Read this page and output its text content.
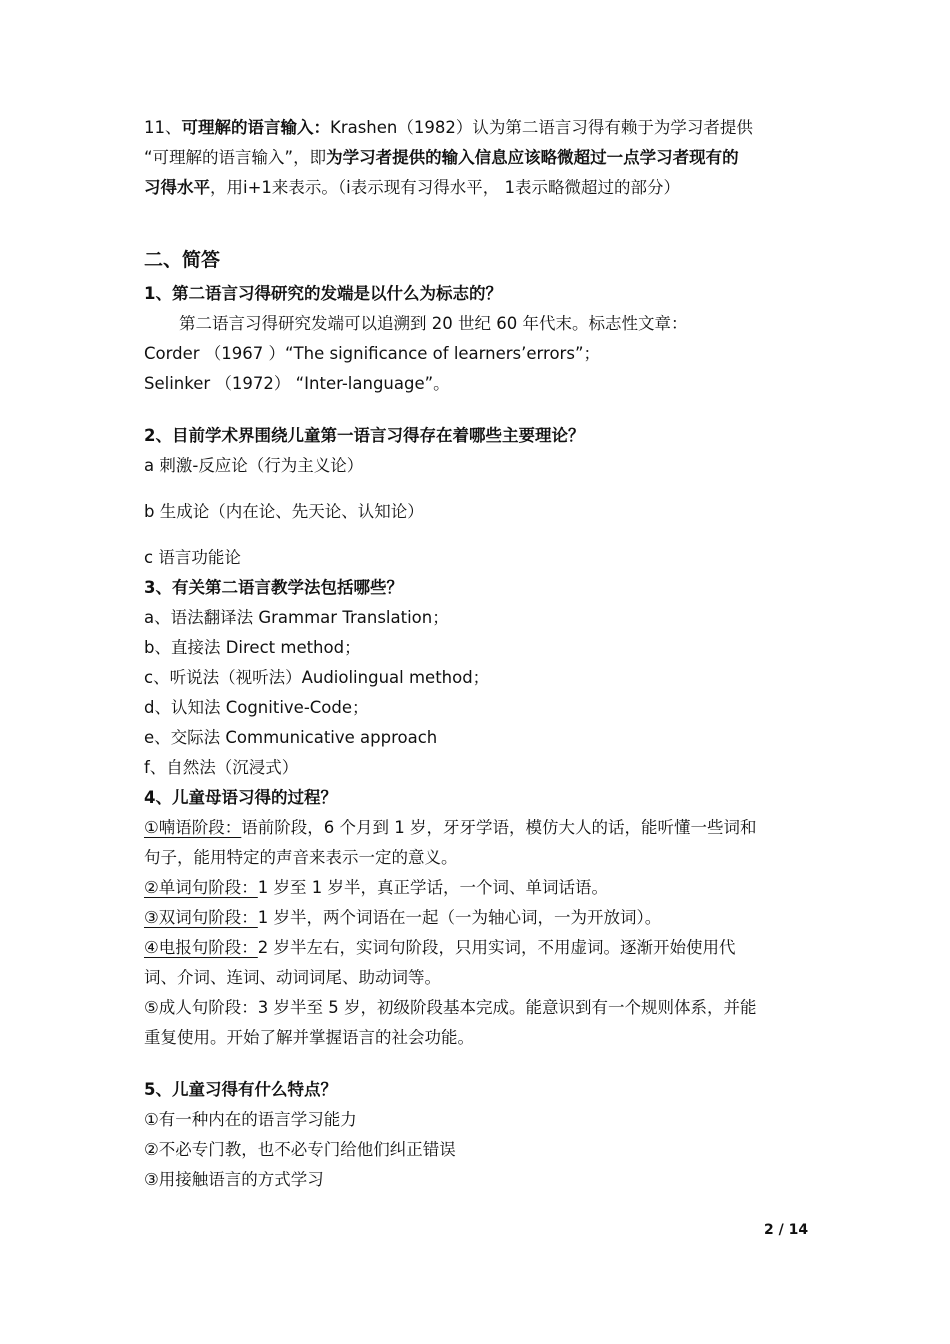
11、可理解的语言输入：Krashen（1982）认为第二语言习得有赖于为学习者提供
“可理解的语言输入”，即为学习者提供的输入信息应该略微超过一点学习者现有的
习得水平，用i+1来表示。（i表示现有习得水平， 1表示略微超过的部分）
二、简答
1、第二语言习得研究的发端是以什么为标志的？
第二语言习得研究发端可以追溯到 20 世纪 60 年代末。标志性文章：
Corder （1967 ）“The significance of learners’errors”；
Selinker （1972） “Inter-language”。
2、目前学术界围绕儿童第一语言习得存在着哪些主要理论？
a 刺激-反应论（行为主义论）
b 生成论（内在论、先天论、认知论）
c 语言功能论
3、有关第二语言教学法包括哪些？
a、语法翻译法 Grammar Translation；
b、直接法 Direct method；
c、听说法（视听法）Audiolingual method；
d、认知法 Cognitive-Code；
e、交际法 Communicative approach
f、自然法（沉浸式）
4、儿童母语习得的过程？
①喃语阶段：语前阶段，6 个月到 1 岁，牙牙学语，模仿大人的话，能听懂一些词和
句子，能用特定的声音来表示一定的意义。
②单词句阶段：1 岁至 1 岁半，真正学话，一个词、单词话语。
③双词句阶段：1 岁半，两个词语在一起（一为轴心词，一为开放词）。
④电报句阶段：2 岁半左右，实词句阶段，只用实词，不用虚词。逐渐开始使用代
词、介词、连词、动词词尾、助动词等。
⑤成人句阶段：3 岁半至 5 岁，初级阶段基本完成。能意识到有一个规则体系，并能
重复使用。开始了解并掌握语言的社会功能。
5、儿童习得有什么特点？
①有一种内在的语言学习能力
②不必专门教，也不必专门给他们纠正错误
③用接触语言的方式学习
2 / 14
